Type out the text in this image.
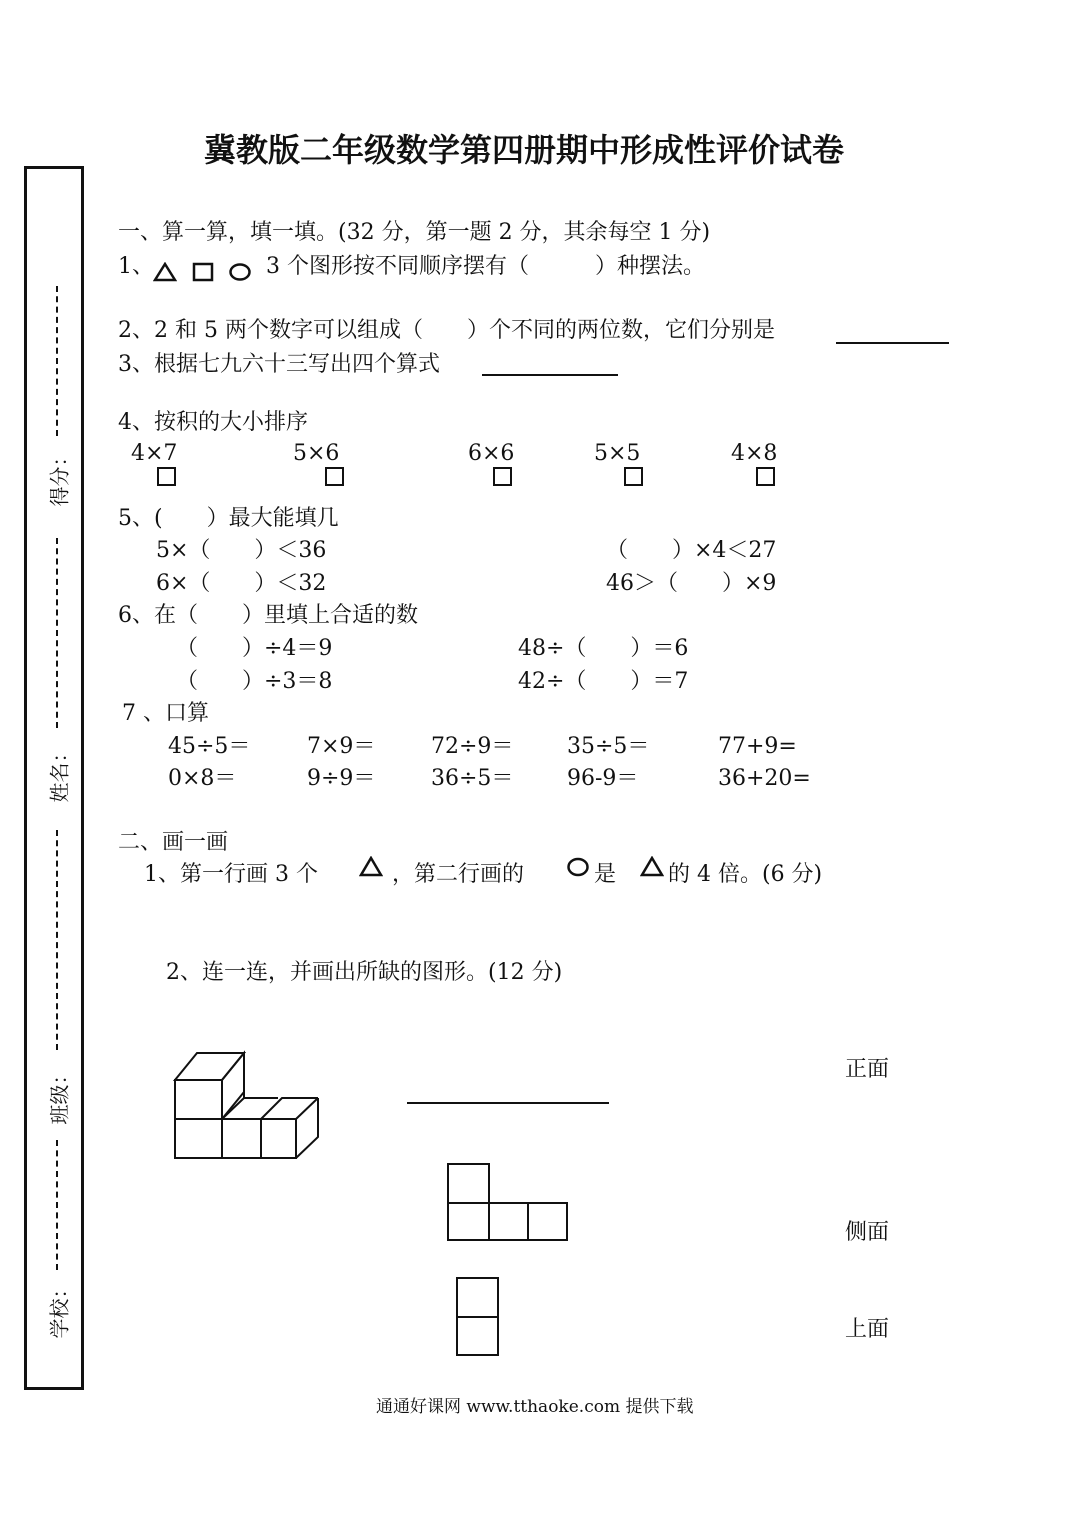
得分：
姓名：
班级：
学校：
冀教版二年级数学第四册期中形成性评价试卷
一、算一算，填一填。(32 分，第一题 2 分，其余每空 1 分)
1、	3 个图形按不同顺序摆有（　　　）种摆法。
2、2 和 5 两个数字可以组成（　　）个不同的两位数，它们分别是
3、根据七九六十三写出四个算式
4、按积的大小排序
4×7	5×6	6×6	5×5	4×8
5、(　　）最大能填几
5×（　　）＜36	（　　）×4＜27
6×（　　）＜32	46＞（　　）×9
6、在（　　）里填上合适的数
（　　）÷4＝9	48÷（　　）＝6
（　　）÷3＝8	42÷（　　）＝7
7 、口算
45÷5＝	7×9＝	72÷9＝ 35÷5＝	77+9=
0×8＝	9÷9＝	36÷5＝ 96-9＝	36+20=
二、画一画
1、第一行画 3 个	，第二行画的	是 的 4 倍。(6 分)
2、连一连，并画出所缺的图形。(12 分)
正面
侧面
上面
通通好课网 www.tthaoke.com 提供下载
